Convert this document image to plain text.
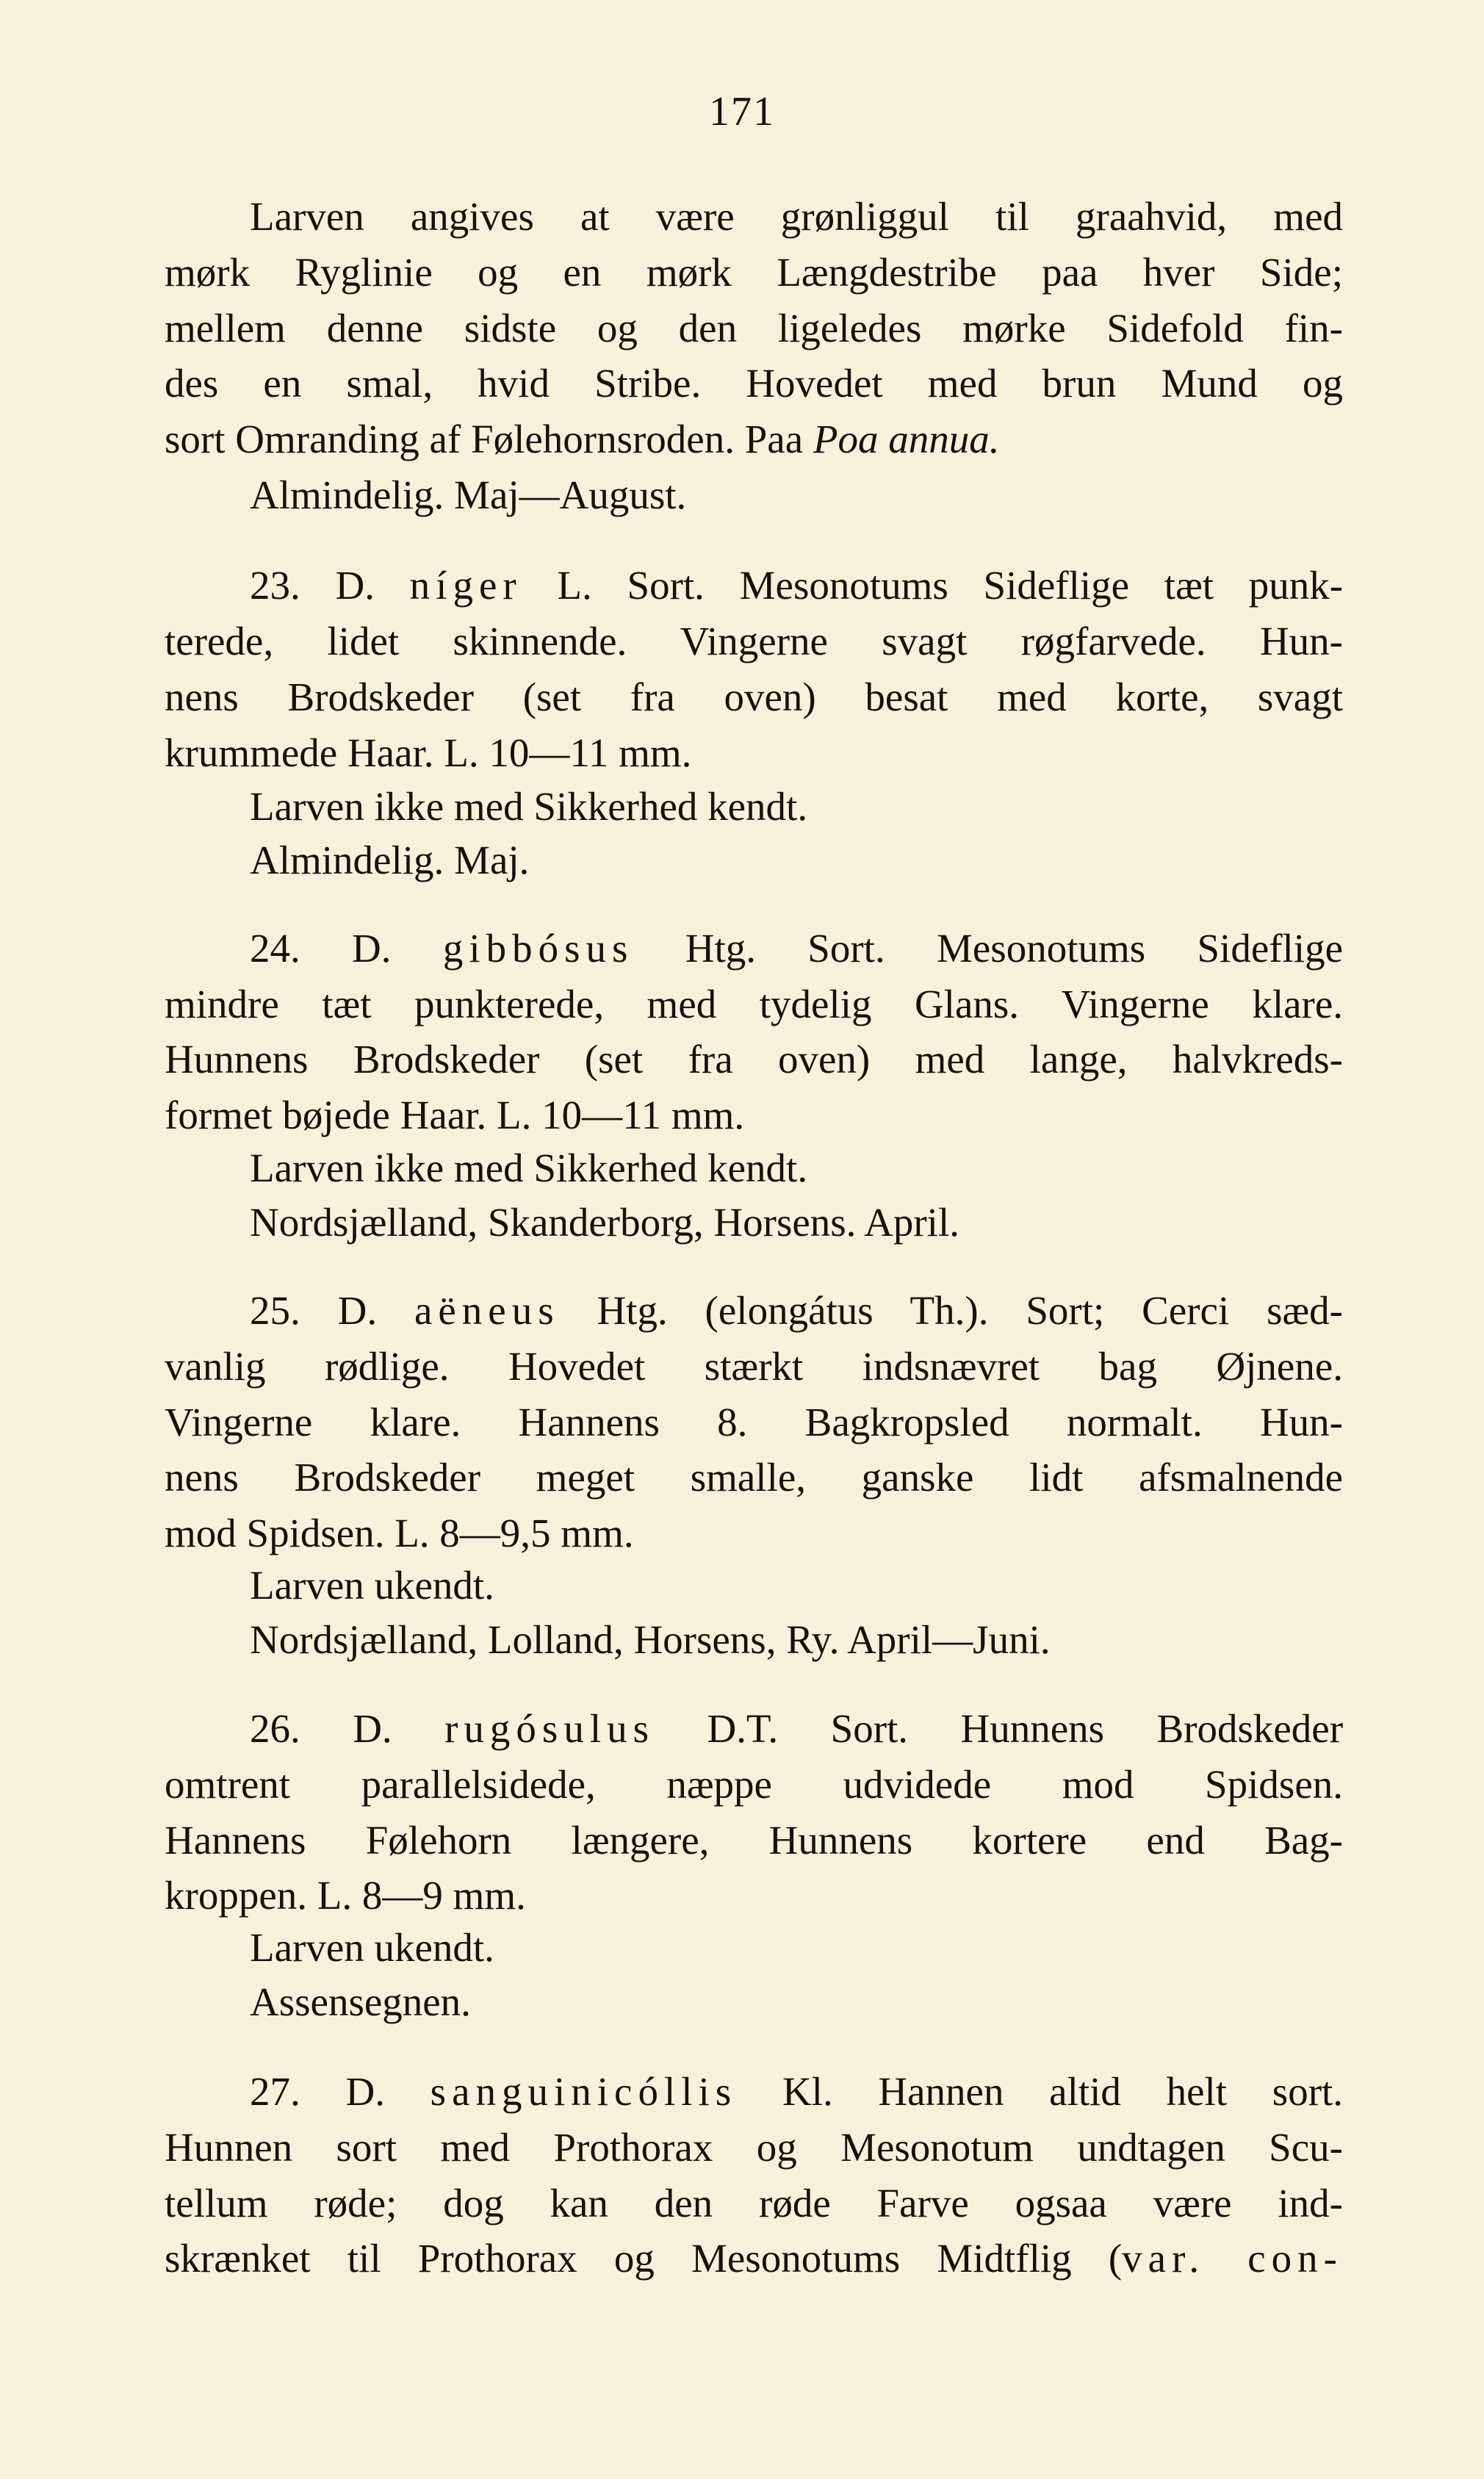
171
Larven angives at være grønliggul til graahvid, med
mørk Ryglinie og en mørk Længdestribe paa hver Side;
mellem denne sidste og den ligeledes mørke Sidefold fin-
des en smal, hvid Stribe. Hovedet med brun Mund og
sort Omranding af Følehornsroden. Paa Poa annua.
Almindelig. Maj—August.
23. D. níger L. Sort. Mesonotums Sideflige tæt punk-
terede, lidet skinnende. Vingerne svagt røgfarvede. Hun-
nens Brodskeder (set fra oven) besat med korte, svagt
krummede Haar. L. 10—11 mm.
Larven ikke med Sikkerhed kendt.
Almindelig. Maj.
24. D. gibbósus Htg. Sort. Mesonotums Sideflige
mindre tæt punkterede, med tydelig Glans. Vingerne klare.
Hunnens Brodskeder (set fra oven) med lange, halvkreds-
formet bøjede Haar. L. 10—11 mm.
Larven ikke med Sikkerhed kendt.
Nordsjælland, Skanderborg, Horsens. April.
25. D. aëneus Htg. (elongátus Th.). Sort; Cerci sæd-
vanlig rødlige. Hovedet stærkt indsnævret bag Øjnene.
Vingerne klare. Hannens 8. Bagkropsled normalt. Hun-
nens Brodskeder meget smalle, ganske lidt afsmalnende
mod Spidsen. L. 8—9,5 mm.
Larven ukendt.
Nordsjælland, Lolland, Horsens, Ry. April—Juni.
26. D. rugósulus D.T. Sort. Hunnens Brodskeder
omtrent parallelsidede, næppe udvidede mod Spidsen.
Hannens Følehorn længere, Hunnens kortere end Bag-
kroppen. L. 8—9 mm.
Larven ukendt.
Assensegnen.
27. D. sanguinicóllis Kl. Hannen altid helt sort.
Hunnen sort med Prothorax og Mesonotum undtagen Scu-
tellum røde; dog kan den røde Farve ogsaa være ind-
skrænket til Prothorax og Mesonotums Midtflig (var. con-
